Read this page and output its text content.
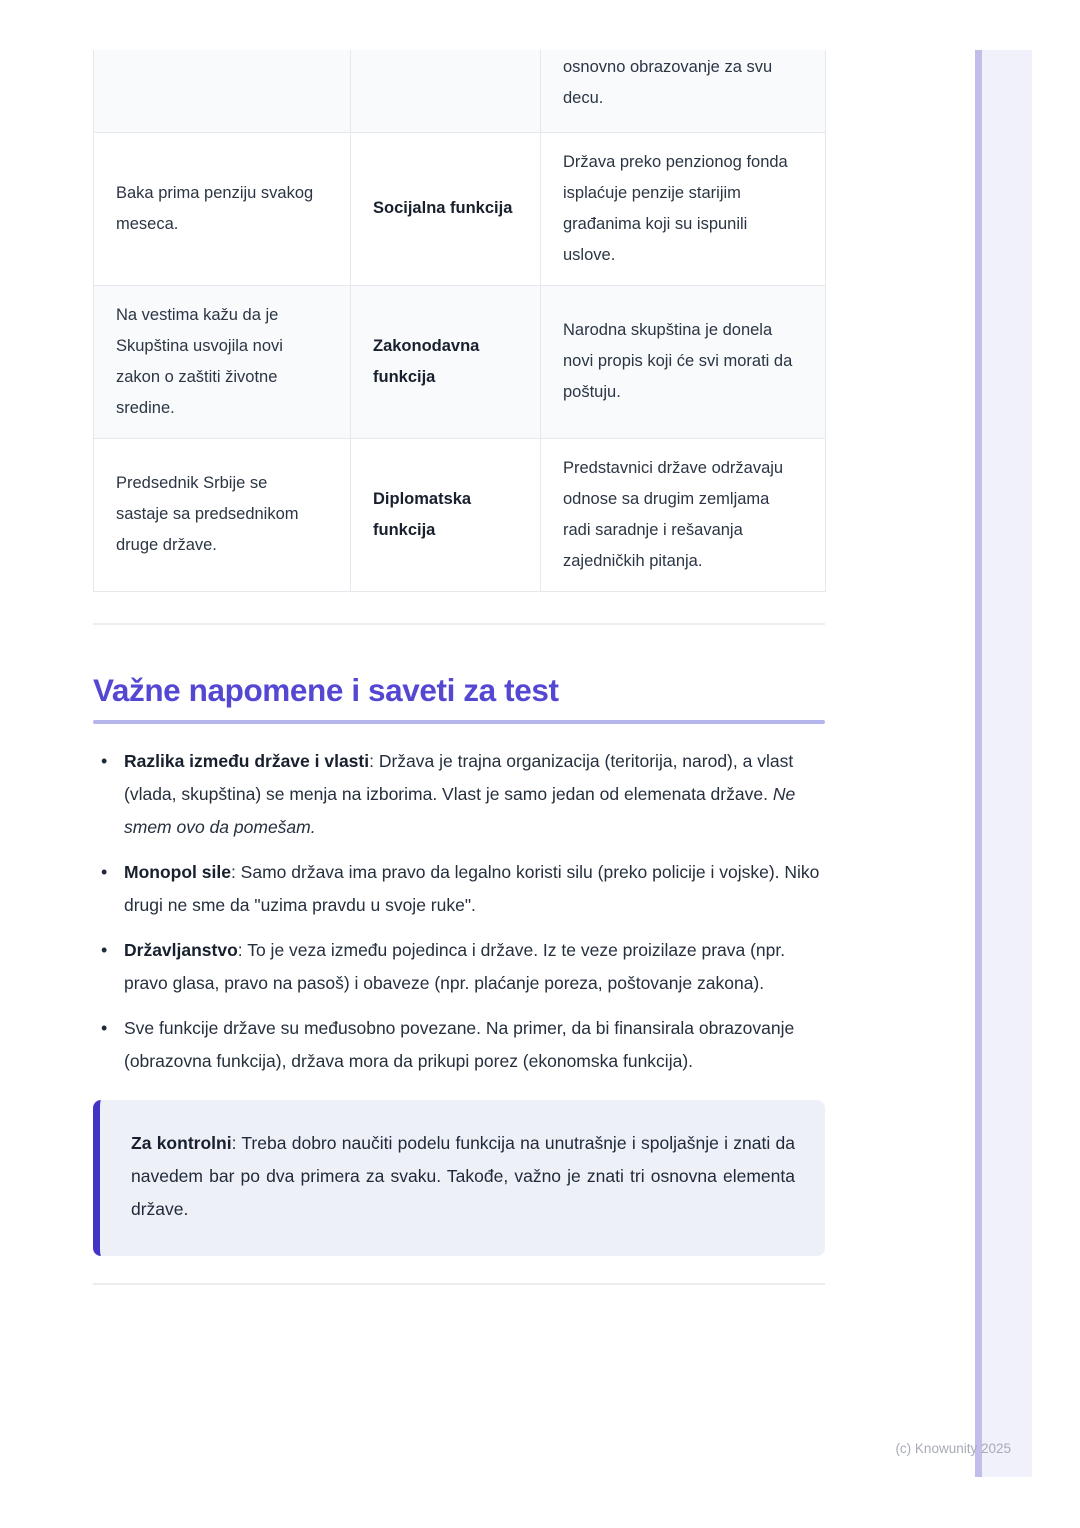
		osnovno obrazovanje za svu decu.
Baka prima penziju svakog meseca.	Socijalna funkcija	Država preko penzionog fonda isplaćuje penzije starijim građanima koji su ispunili uslove.
Na vestima kažu da je Skupština usvojila novi zakon o zaštiti životne sredine.	Zakonodavna funkcija	Narodna skupština je donela novi propis koji će svi morati da poštuju.
Predsednik Srbije se sastaje sa predsednikom druge države.	Diplomatska funkcija	Predstavnici države održavaju odnose sa drugim zemljama radi saradnje i rešavanja zajedničkih pitanja.
Važne napomene i saveti za test
• Razlika između države i vlasti: Država je trajna organizacija (teritorija, narod), a vlast (vlada, skupština) se menja na izborima. Vlast je samo jedan od elemenata države. Ne smem ovo da pomešam.
• Monopol sile: Samo država ima pravo da legalno koristi silu (preko policije i vojske). Niko drugi ne sme da "uzima pravdu u svoje ruke".
• Državljanstvo: To je veza između pojedinca i države. Iz te veze proizilaze prava (npr. pravo glasa, pravo na pasoš) i obaveze (npr. plaćanje poreza, poštovanje zakona).
• Sve funkcije države su međusobno povezane. Na primer, da bi finansirala obrazovanje (obrazovna funkcija), država mora da prikupi porez (ekonomska funkcija).

Za kontrolni: Treba dobro naučiti podelu funkcija na unutrašnje i spoljašnje i znati da navedem bar po dva primera za svaku. Takođe, važno je znati tri osnovna elementa države.

(c) Knowunity 2025
